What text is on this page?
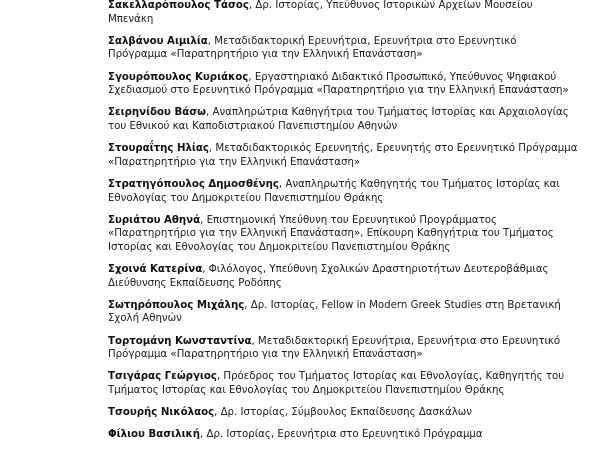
Σακελλαρόπουλος Τάσος, Δρ. Ιστορίας, Υπεύθυνος Ιστορικών Αρχείων Μουσείου Μπενάκη

Σαλβάνου Αιμιλία, Μεταδιδακτορική Ερευνήτρια, Ερευνήτρια στο Ερευνητικό Πρόγραμμα «Παρατηρητήριο για την Ελληνική Επανάσταση»

Σγουρόπουλος Κυριάκος, Εργαστηριακό Διδακτικό Προσωπικό, Υπεύθυνος Ψηφιακού Σχεδιασμού στο Ερευνητικό Πρόγραμμα «Παρατηρητήριο για την Ελληνική Επανάσταση»

Σειρηνίδου Βάσω, Αναπληρώτρια Καθηγήτρια του Τμήματος Ιστορίας και Αρχαιολογίας του Εθνικού και Καποδιστριακού Πανεπιστημίου Αθηνών

Στουραΐτης Ηλίας, Μεταδιδακτορικός Ερευνητής, Ερευνητής στο Ερευνητικό Πρόγραμμα «Παρατηρητήριο για την Ελληνική Επανάσταση»

Στρατηγόπουλος Δημοσθένης, Αναπληρωτής Καθηγητής του Τμήματος Ιστορίας και Εθνολογίας του Δημοκριτείου Πανεπιστημίου Θράκης

Συριάτου Αθηνά, Επιστημονική Υπεύθυνη του Ερευνητικού Προγράμματος «Παρατηρητήριο για την Ελληνική Επανάσταση», Επίκουρη Καθηγήτρια του Τμήματος Ιστορίας και Εθνολογίας του Δημοκριτείου Πανεπιστημίου Θράκης

Σχοινά Κατερίνα, Φιλόλογος, Υπεύθυνη Σχολικών Δραστηριοτήτων Δευτεροβάθμιας Διεύθυνσης Εκπαίδευσης Ροδόπης

Σωτηρόπουλος Μιχάλης, Δρ. Ιστορίας, Fellow in Modern Greek Studies στη Βρετανική Σχολή Αθηνών

Τορτομάνη Κωνσταντίνα, Μεταδιδακτορική Ερευνήτρια, Ερευνήτρια στο Ερευνητικό Πρόγραμμα «Παρατηρητήριο για την Ελληνική Επανάσταση»

Τσιγάρας Γεώργιος, Πρόεδρος του Τμήματος Ιστορίας και Εθνολογίας, Καθηγητής του Τμήματος Ιστορίας και Εθνολογίας του Δημοκριτείου Πανεπιστημίου Θράκης

Τσουρής Νικόλαος, Δρ. Ιστορίας, Σύμβουλος Εκπαίδευσης Δασκάλων

Φίλιου Βασιλική, Δρ. Ιστορίας, Ερευνήτρια στο Ερευνητικό Πρόγραμμα
